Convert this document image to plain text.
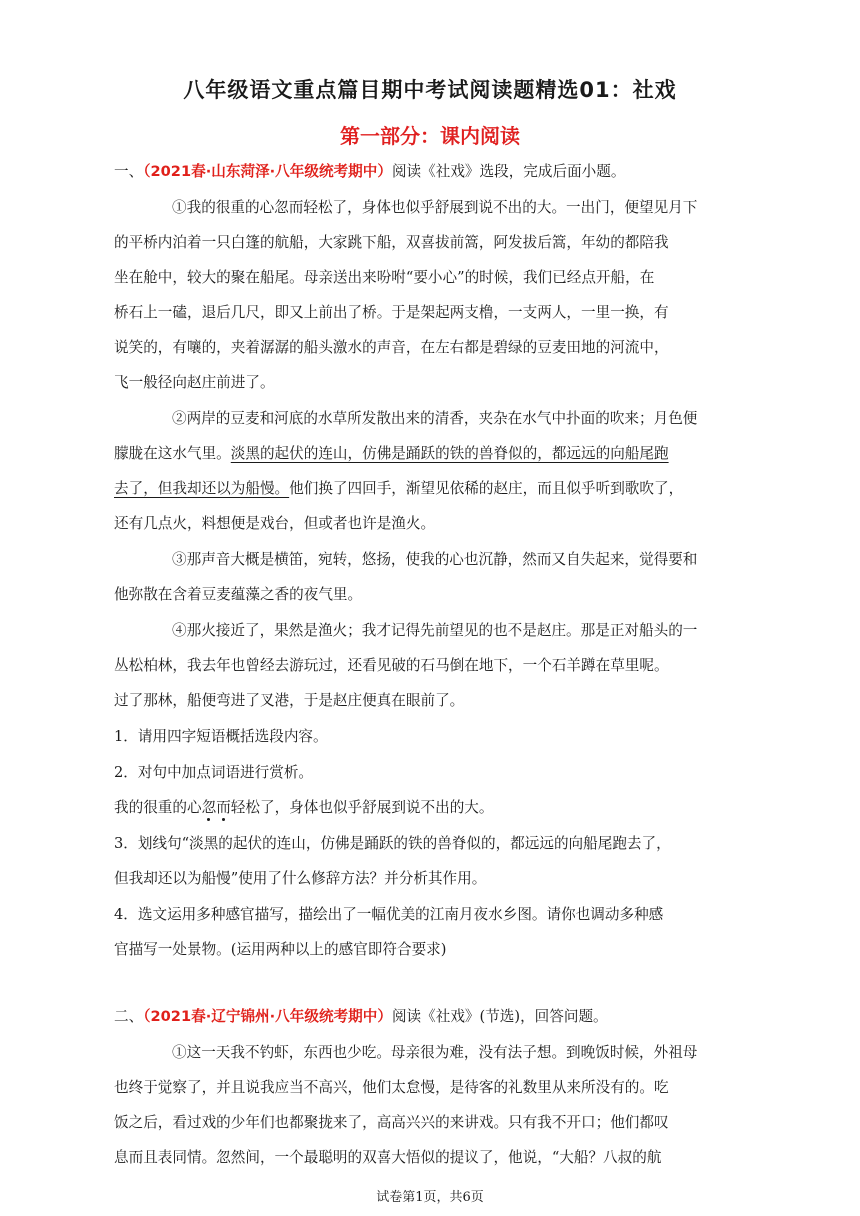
八年级语文重点篇目期中考试阅读题精选01：社戏
第一部分：课内阅读
一、（2021春·山东菏泽·八年级统考期中）阅读《社戏》选段，完成后面小题。
①我的很重的心忽而轻松了，身体也似乎舒展到说不出的大。一出门，便望见月下
的平桥内泊着一只白篷的航船，大家跳下船，双喜拔前篙，阿发拔后篙，年幼的都陪我
坐在舱中，较大的聚在船尾。母亲送出来吩咐“要小心”的时候，我们已经点开船，在
桥石上一磕，退后几尺，即又上前出了桥。于是架起两支橹，一支两人，一里一换，有
说笑的，有嚷的，夹着潺潺的船头激水的声音，在左右都是碧绿的豆麦田地的河流中，
飞一般径向赵庄前进了。
②两岸的豆麦和河底的水草所发散出来的清香，夹杂在水气中扑面的吹来；月色便
朦胧在这水气里。淡黑的起伏的连山，仿佛是踊跃的铁的兽脊似的，都远远的向船尾跑
去了，但我却还以为船慢。他们换了四回手，渐望见依稀的赵庄，而且似乎听到歌吹了，
还有几点火，料想便是戏台，但或者也许是渔火。
③那声音大概是横笛，宛转，悠扬，使我的心也沉静，然而又自失起来，觉得要和
他弥散在含着豆麦蕴藻之香的夜气里。
④那火接近了，果然是渔火；我才记得先前望见的也不是赵庄。那是正对船头的一
丛松柏林，我去年也曾经去游玩过，还看见破的石马倒在地下，一个石羊蹲在草里呢。
过了那林，船便弯进了叉港，于是赵庄便真在眼前了。
1．请用四字短语概括选段内容。
2．对句中加点词语进行赏析。
我的很重的心忽而轻松了，身体也似乎舒展到说不出的大。
3．划线句“淡黑的起伏的连山，仿佛是踊跃的铁的兽脊似的，都远远的向船尾跑去了，
但我却还以为船慢”使用了什么修辞方法？并分析其作用。
4．选文运用多种感官描写，描绘出了一幅优美的江南月夜水乡图。请你也调动多种感
官描写一处景物。(运用两种以上的感官即符合要求)
二、（2021春·辽宁锦州·八年级统考期中）阅读《社戏》(节选)，回答问题。
①这一天我不钓虾，东西也少吃。母亲很为难，没有法子想。到晚饭时候，外祖母
也终于觉察了，并且说我应当不高兴，他们太怠慢，是待客的礼数里从来所没有的。吃
饭之后，看过戏的少年们也都聚拢来了，高高兴兴的来讲戏。只有我不开口；他们都叹
息而且表同情。忽然间，一个最聪明的双喜大悟似的提议了，他说，“大船？八叔的航
试卷第1页，共6页
